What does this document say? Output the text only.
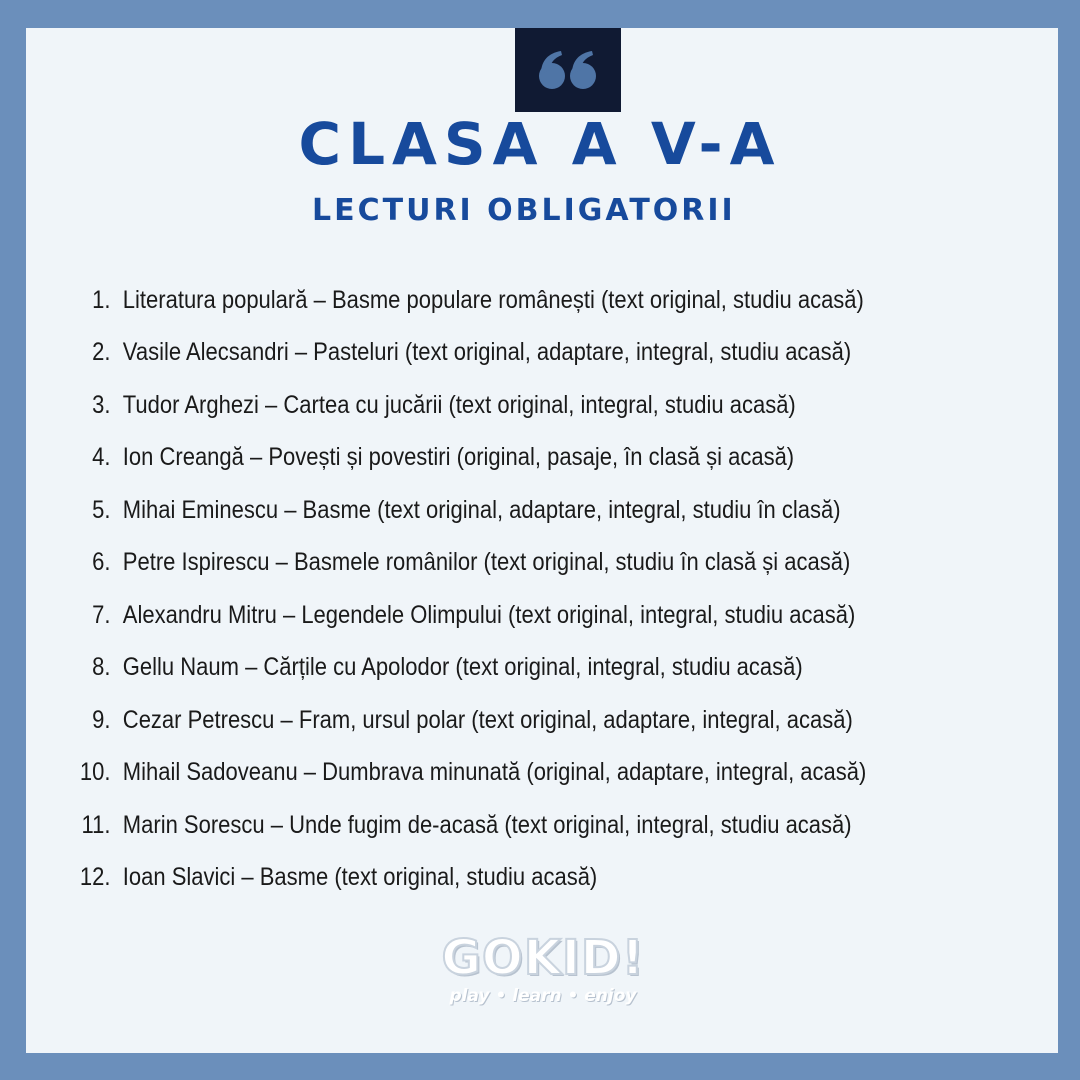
CLASA A V-A
LECTURI OBLIGATORII
1. Literatura populară – Basme populare românești (text original, studiu acasă)
2. Vasile Alecsandri – Pasteluri (text original, adaptare, integral, studiu acasă)
3. Tudor Arghezi – Cartea cu jucării (text original, integral, studiu acasă)
4. Ion Creangă – Povești și povestiri (original, pasaje, în clasă și acasă)
5. Mihai Eminescu – Basme (text original, adaptare, integral, studiu în clasă)
6. Petre Ispirescu – Basmele românilor (text original, studiu în clasă și acasă)
7. Alexandru Mitru – Legendele Olimpului (text original, integral, studiu acasă)
8. Gellu Naum – Cărțile cu Apolodor (text original, integral, studiu acasă)
9. Cezar Petrescu – Fram, ursul polar (text original, adaptare, integral, acasă)
10. Mihail Sadoveanu – Dumbrava minunată (original, adaptare, integral, acasă)
11. Marin Sorescu – Unde fugim de-acasă (text original, integral, studiu acasă)
12. Ioan Slavici – Basme (text original, studiu acasă)
GOKID!
play • learn • enjoy
